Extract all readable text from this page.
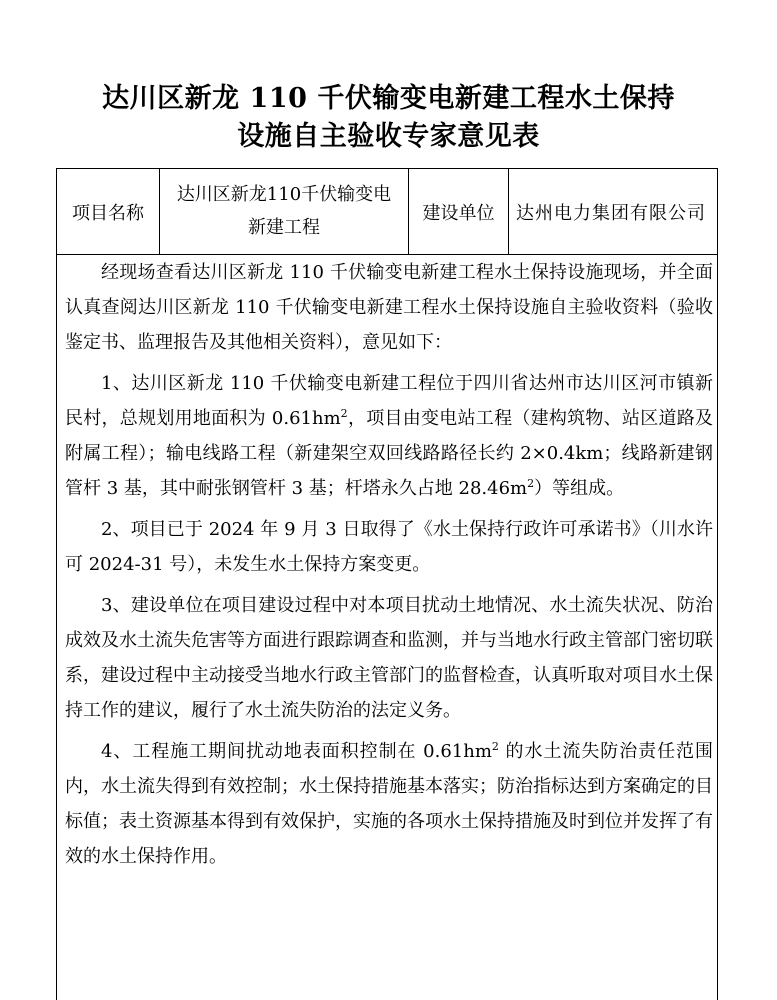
达川区新龙 110 千伏输变电新建工程水土保持
设施自主验收专家意见表
项目名称
达川区新龙110千伏输变电
新建工程
建设单位	达州电力集团有限公司

经现场查看达川区新龙 110 千伏输变电新建工程水土保持设施现场，并全面认真查阅达川区新龙 110 千伏输变电新建工程水土保持设施自主验收资料（验收鉴定书、监理报告及其他相关资料），意见如下：

1、达川区新龙 110 千伏输变电新建工程位于四川省达州市达川区河市镇新民村，总规划用地面积为 $0.61hm^2$，项目由变电站工程（建构筑物、站区道路及附属工程）；输电线路工程（新建架空双回线路路径长约 2×0.4km；线路新建钢管杆 3 基，其中耐张钢管杆 3 基；杆塔永久占地 $28.46m^2$）等组成。

2、项目已于 2024 年 9 月 3 日取得了《水土保持行政许可承诺书》（川水许可 2024-31 号），未发生水土保持方案变更。

3、建设单位在项目建设过程中对本项目扰动土地情况、水土流失状况、防治成效及水土流失危害等方面进行跟踪调查和监测，并与当地水行政主管部门密切联系，建设过程中主动接受当地水行政主管部门的监督检查，认真听取对项目水土保持工作的建议，履行了水土流失防治的法定义务。

4、工程施工期间扰动地表面积控制在 $0.61hm^2$ 的水土流失防治责任范围内，水土流失得到有效控制；水土保持措施基本落实；防治指标达到方案确定的目标值；表土资源基本得到有效保护，实施的各项水土保持措施及时到位并发挥了有效的水土保持作用。
